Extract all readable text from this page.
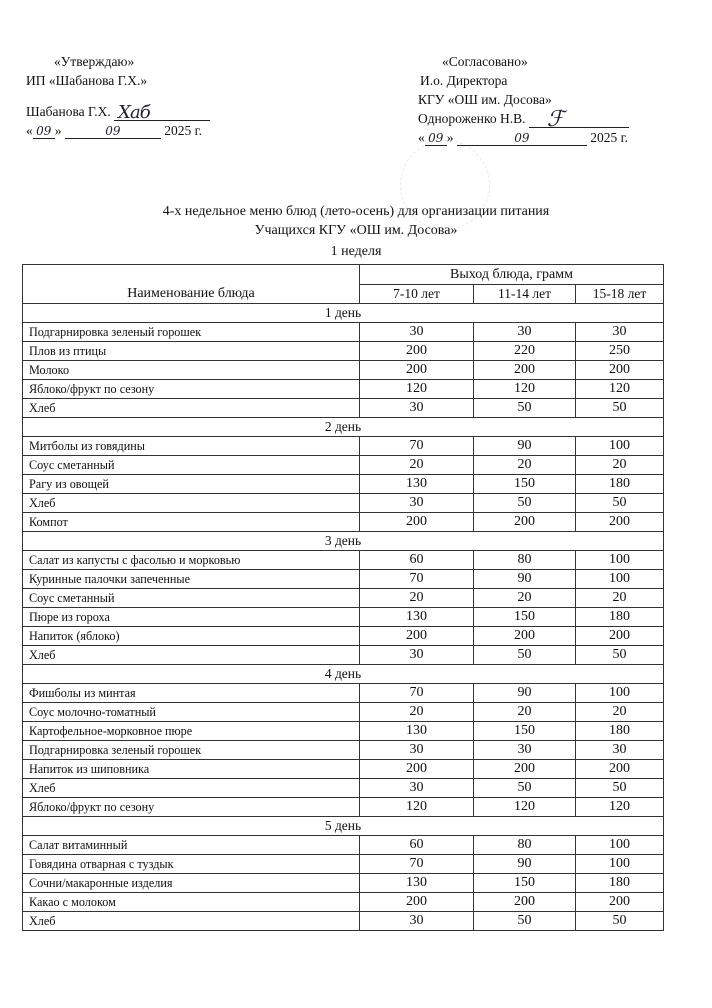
«Утверждаю»
ИП «Шабанова Г.Х.»
Шабанова Г.Х. Хаб
« 09 »	09	2025 г.
«Согласовано»
И.о. Директора
КГУ «ОШ им. Досова»
Однороженко Н.В. ℱ
« 09 »	09	2025 г.
4-х недельное меню блюд (лето-осень) для организации питания
Учащихся КГУ «ОШ им. Досова»
1 неделя
Наименование блюда	Выход блюда, грамм		
	7-10 лет	11-14 лет	15-18 лет
1 день			
Подгарнировка зеленый горошек	30	30	30
Плов из птицы	200	220	250
Молоко	200	200	200
Яблоко/фрукт по сезону	120	120	120
Хлеб	30	50	50
2 день			
Митболы из говядины	70	90	100
Соус сметанный	20	20	20
Рагу из овощей	130	150	180
Хлеб	30	50	50
Компот	200	200	200
3 день			
Салат из капусты с фасолью и морковью	60	80	100
Куринные палочки запеченные	70	90	100
Соус сметанный	20	20	20
Пюре из гороха	130	150	180
Напиток (яблоко)	200	200	200
Хлеб	30	50	50
4 день			
Фишболы из минтая	70	90	100
Соус молочно-томатный	20	20	20
Картофельное-морковное пюре	130	150	180
Подгарнировка зеленый горошек	30	30	30
Напиток из шиповника	200	200	200
Хлеб	30	50	50
Яблоко/фрукт по сезону	120	120	120
5 день			
Салат витаминный	60	80	100
Говядина отварная с туздык	70	90	100
Сочни/макаронные изделия	130	150	180
Какао с молоком	200	200	200
Хлеб	30	50	50
